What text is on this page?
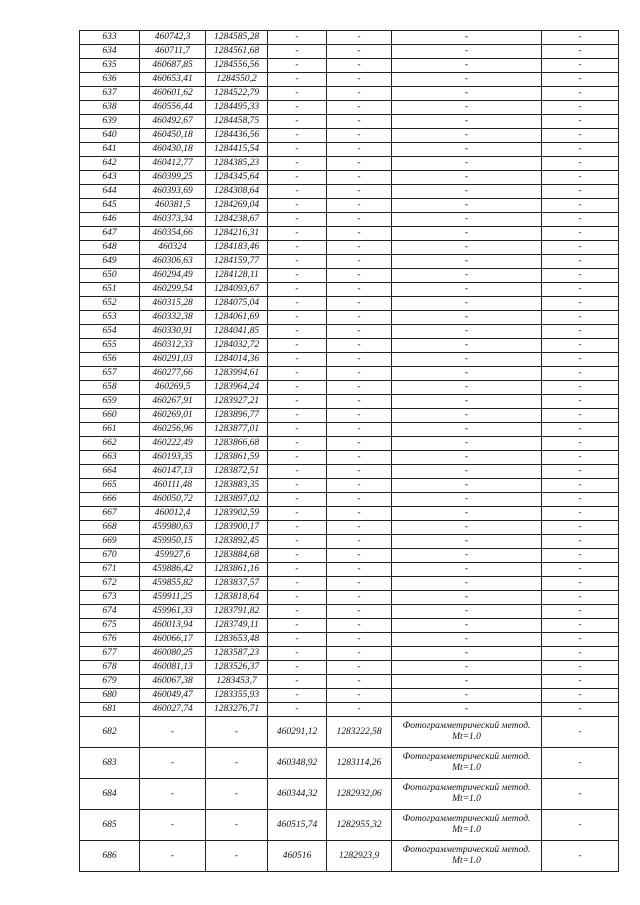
633	460742,3	1284585,28	-	-	-	-
634	460711,7	1284561,68	-	-	-	-
635	460687,85	1284556,56	-	-	-	-
636	460653,41	1284550,2	-	-	-	-
637	460601,62	1284522,79	-	-	-	-
638	460556,44	1284495,33	-	-	-	-
639	460492,67	1284458,75	-	-	-	-
640	460450,18	1284436,56	-	-	-	-
641	460430,18	1284415,54	-	-	-	-
642	460412,77	1284385,23	-	-	-	-
643	460399,25	1284345,64	-	-	-	-
644	460393,69	1284308,64	-	-	-	-
645	460381,5	1284269,04	-	-	-	-
646	460373,34	1284238,67	-	-	-	-
647	460354,66	1284216,31	-	-	-	-
648	460324	1284183,46	-	-	-	-
649	460306,63	1284159,77	-	-	-	-
650	460294,49	1284128,11	-	-	-	-
651	460299,54	1284093,67	-	-	-	-
652	460315,28	1284075,04	-	-	-	-
653	460332,38	1284061,69	-	-	-	-
654	460330,91	1284041,85	-	-	-	-
655	460312,33	1284032,72	-	-	-	-
656	460291,03	1284014,36	-	-	-	-
657	460277,66	1283994,61	-	-	-	-
658	460269,5	1283964,24	-	-	-	-
659	460267,91	1283927,21	-	-	-	-
660	460269,01	1283896,77	-	-	-	-
661	460256,96	1283877,01	-	-	-	-
662	460222,49	1283866,68	-	-	-	-
663	460193,35	1283861,59	-	-	-	-
664	460147,13	1283872,51	-	-	-	-
665	460111,48	1283883,35	-	-	-	-
666	460050,72	1283897,02	-	-	-	-
667	460012,4	1283902,59	-	-	-	-
668	459980,63	1283900,17	-	-	-	-
669	459950,15	1283892,45	-	-	-	-
670	459927,6	1283884,68	-	-	-	-
671	459886,42	1283861,16	-	-	-	-
672	459855,82	1283837,57	-	-	-	-
673	459911,25	1283818,64	-	-	-	-
674	459961,33	1283791,82	-	-	-	-
675	460013,94	1283749,11	-	-	-	-
676	460066,17	1283653,48	-	-	-	-
677	460080,25	1283587,23	-	-	-	-
678	460081,13	1283526,37	-	-	-	-
679	460067,38	1283453,7	-	-	-	-
680	460049,47	1283355,93	-	-	-	-
681	460027,74	1283276,71	-	-	-	-
682	-	-	460291,12	1283222,58	Фотограмметрический метод. Mt=1.0	-
683	-	-	460348,92	1283114,26	Фотограмметрический метод. Mt=1.0	-
684	-	-	460344,32	1282932,06	Фотограмметрический метод. Mt=1.0	-
685	-	-	460515,74	1282955,32	Фотограмметрический метод. Mt=1.0	-
686	-	-	460516	1282923,9	Фотограмметрический метод. Mt=1.0	-
